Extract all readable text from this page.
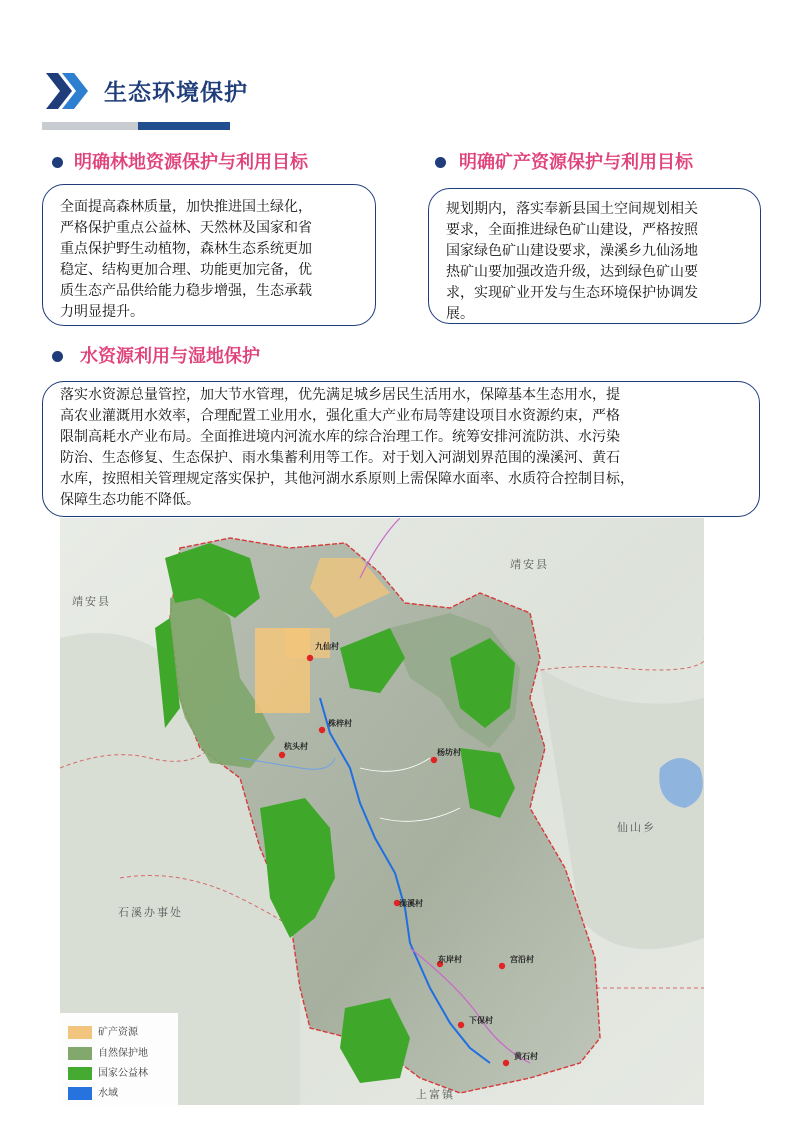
生态环境保护
明确林地资源保护与利用目标

全面提高森林质量，加快推进国土绿化，

严格保护重点公益林、天然林及国家和省

重点保护野生动植物，森林生态系统更加

稳定、结构更加合理、功能更加完备，优

质生态产品供给能力稳步增强，生态承载

力明显提升。

明确矿产资源保护与利用目标

规划期内，落实奉新县国土空间规划相关

要求，全面推进绿色矿山建设，严格按照

国家绿色矿山建设要求，澡溪乡九仙汤地

热矿山要加强改造升级，达到绿色矿山要

求，实现矿业开发与生态环境保护协调发

展。

水资源利用与湿地保护

落实水资源总量管控，加大节水管理，优先满足城乡居民生活用水，保障基本生态用水，提

高农业灌溉用水效率，合理配置工业用水，强化重大产业布局等建设项目水资源约束，严格

限制高耗水产业布局。全面推进境内河流水库的综合治理工作。统筹安排河流防洪、水污染

防治、生态修复、生态保护、雨水集蓄利用等工作。对于划入河湖划界范围的澡溪河、黄石

水库，按照相关管理规定落实保护，其他河湖水系原则上需保障水面率、水质符合控制目标，

保障生态功能不降低。

靖安县
靖安县
仙山乡
石溪办事处
上富镇
九仙村
株梓村
杭头村
杨坊村
澡溪村
东岸村	宫沿村
下保村
黄石村
矿产资源
自然保护地
国家公益林
水域
